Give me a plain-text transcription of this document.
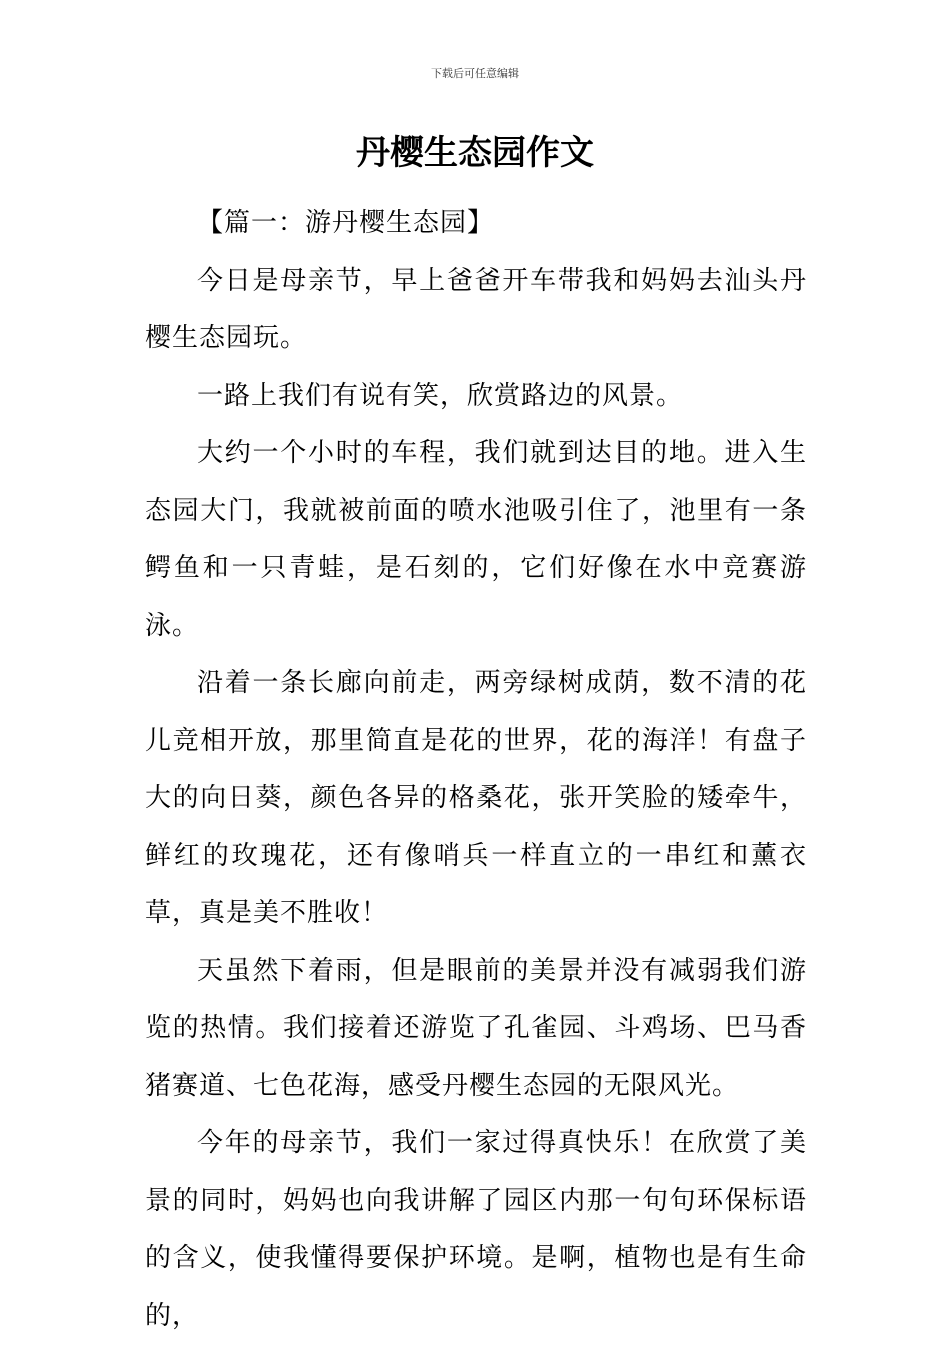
下载后可任意编辑
丹樱生态园作文

【篇一：游丹樱生态园】

今日是母亲节，早上爸爸开车带我和妈妈去汕头丹樱生态园玩。

一路上我们有说有笑，欣赏路边的风景。

大约一个小时的车程，我们就到达目的地。进入生态园大门，我就被前面的喷水池吸引住了，池里有一条鳄鱼和一只青蛙，是石刻的，它们好像在水中竞赛游泳。

沿着一条长廊向前走，两旁绿树成荫，数不清的花儿竞相开放，那里简直是花的世界，花的海洋！有盘子大的向日葵，颜色各异的格桑花，张开笑脸的矮牵牛，鲜红的玫瑰花，还有像哨兵一样直立的一串红和薰衣草，真是美不胜收！

天虽然下着雨，但是眼前的美景并没有减弱我们游览的热情。我们接着还游览了孔雀园、斗鸡场、巴马香猪赛道、七色花海，感受丹樱生态园的无限风光。

今年的母亲节，我们一家过得真快乐！在欣赏了美景的同时，妈妈也向我讲解了园区内那一句句环保标语的含义，使我懂得要保护环境。是啊，植物也是有生命的，
